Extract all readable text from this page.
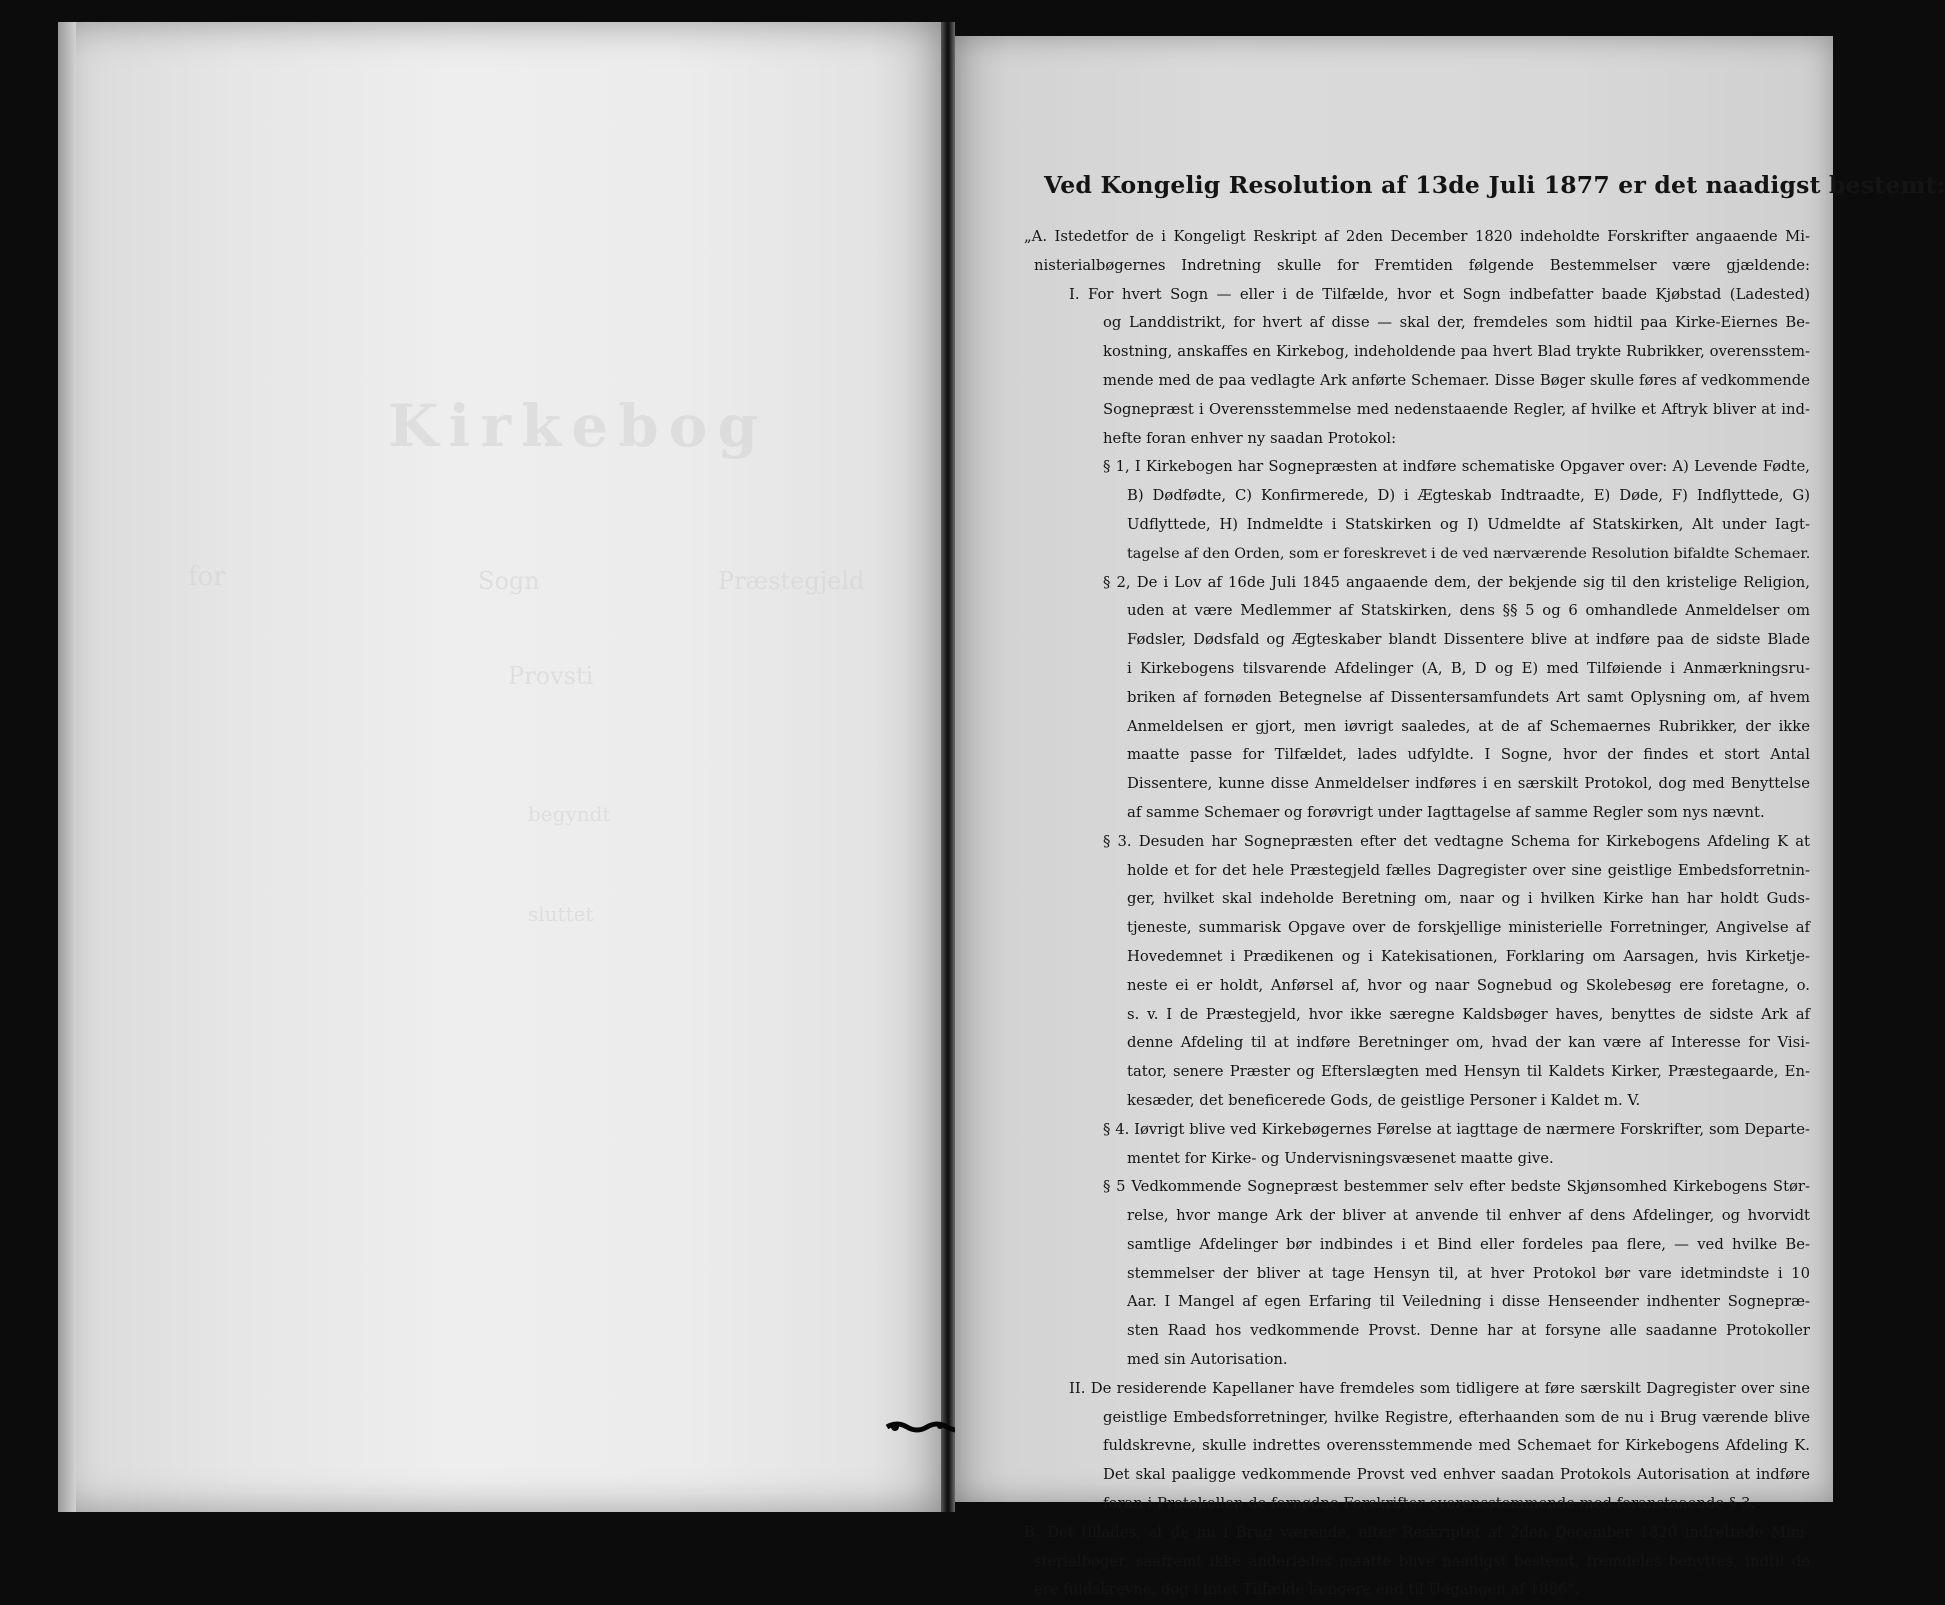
Kirkebog
for	Sogn	Præstegjeld
Provsti
begyndt
sluttet
Ved Kongelig Resolution af 13de Juli 1877 er det naadigst bestemt:
„A. Istedetfor de i Kongeligt Reskript af 2den December 1820 indeholdte Forskrifter angaaende Mi-
nisterialbøgernes Indretning skulle for Fremtiden følgende Bestemmelser være gjældende:
I. For hvert Sogn — eller i de Tilfælde, hvor et Sogn indbefatter baade Kjøbstad (Ladested)
og Landdistrikt, for hvert af disse — skal der, fremdeles som hidtil paa Kirke-Eiernes Be-
kostning, anskaffes en Kirkebog, indeholdende paa hvert Blad trykte Rubrikker, overensstem-
mende med de paa vedlagte Ark anførte Schemaer. Disse Bøger skulle føres af vedkommende
Sognepræst i Overensstemmelse med nedenstaaende Regler, af hvilke et Aftryk bliver at ind-
hefte foran enhver ny saadan Protokol:
§ 1, I Kirkebogen har Sognepræsten at indføre schematiske Opgaver over: A) Levende Fødte,
B) Dødfødte, C) Konfirmerede, D) i Ægteskab Indtraadte, E) Døde, F) Indflyttede, G)
Udflyttede, H) Indmeldte i Statskirken og I) Udmeldte af Statskirken, Alt under Iagt-
tagelse af den Orden, som er foreskrevet i de ved nærværende Resolution bifaldte Schemaer.
§ 2, De i Lov af 16de Juli 1845 angaaende dem, der bekjende sig til den kristelige Religion,
uden at være Medlemmer af Statskirken, dens §§ 5 og 6 omhandlede Anmeldelser om
Fødsler, Dødsfald og Ægteskaber blandt Dissentere blive at indføre paa de sidste Blade
i Kirkebogens tilsvarende Afdelinger (A, B, D og E) med Tilføiende i Anmærkningsru-
briken af fornøden Betegnelse af Dissentersamfundets Art samt Oplysning om, af hvem
Anmeldelsen er gjort, men iøvrigt saaledes, at de af Schemaernes Rubrikker, der ikke
maatte passe for Tilfældet, lades udfyldte. I Sogne, hvor der findes et stort Antal
Dissentere, kunne disse Anmeldelser indføres i en særskilt Protokol, dog med Benyttelse
af samme Schemaer og forøvrigt under Iagttagelse af samme Regler som nys nævnt.
§ 3. Desuden har Sognepræsten efter det vedtagne Schema for Kirkebogens Afdeling K at
holde et for det hele Præstegjeld fælles Dagregister over sine geistlige Embedsforretnin-
ger, hvilket skal indeholde Beretning om, naar og i hvilken Kirke han har holdt Guds-
tjeneste, summarisk Opgave over de forskjellige ministerielle Forretninger, Angivelse af
Hovedemnet i Prædikenen og i Katekisationen, Forklaring om Aarsagen, hvis Kirketje-
neste ei er holdt, Anførsel af, hvor og naar Sognebud og Skolebesøg ere foretagne, o.
s. v. I de Præstegjeld, hvor ikke særegne Kaldsbøger haves, benyttes de sidste Ark af
denne Afdeling til at indføre Beretninger om, hvad der kan være af Interesse for Visi-
tator, senere Præster og Efterslægten med Hensyn til Kaldets Kirker, Præstegaarde, En-
kesæder, det beneficerede Gods, de geistlige Personer i Kaldet m. V.
§ 4. Iøvrigt blive ved Kirkebøgernes Førelse at iagttage de nærmere Forskrifter, som Departe-
mentet for Kirke- og Undervisningsvæsenet maatte give.
§ 5 Vedkommende Sognepræst bestemmer selv efter bedste Skjønsomhed Kirkebogens Stør-
relse, hvor mange Ark der bliver at anvende til enhver af dens Afdelinger, og hvorvidt
samtlige Afdelinger bør indbindes i et Bind eller fordeles paa flere, — ved hvilke Be-
stemmelser der bliver at tage Hensyn til, at hver Protokol bør vare idetmindste i 10
Aar. I Mangel af egen Erfaring til Veiledning i disse Henseender indhenter Sognepræ-
sten Raad hos vedkommende Provst. Denne har at forsyne alle saadanne Protokoller
med sin Autorisation.
II. De residerende Kapellaner have fremdeles som tidligere at føre særskilt Dagregister over sine
geistlige Embedsforretninger, hvilke Registre, efterhaanden som de nu i Brug værende blive
fuldskrevne, skulle indrettes overensstemmende med Schemaet for Kirkebogens Afdeling K.
Det skal paaligge vedkommende Provst ved enhver saadan Protokols Autorisation at indføre
foran i Protokollen de fornødne Forskrifter overensstemmende med foranstaaende § 3.
B. Det tillades, at de nu i Brug værende, efter Reskriptet af 2den December 1820 indrettede Mini-
sterialbøger, saafremt ikke anderledes maatte blive naadigst bestemt, fremdeles benyttes, indtil de
ere fuldskrevne, dog i intet Tilfælde længere end til Udgangen af 1886“.
